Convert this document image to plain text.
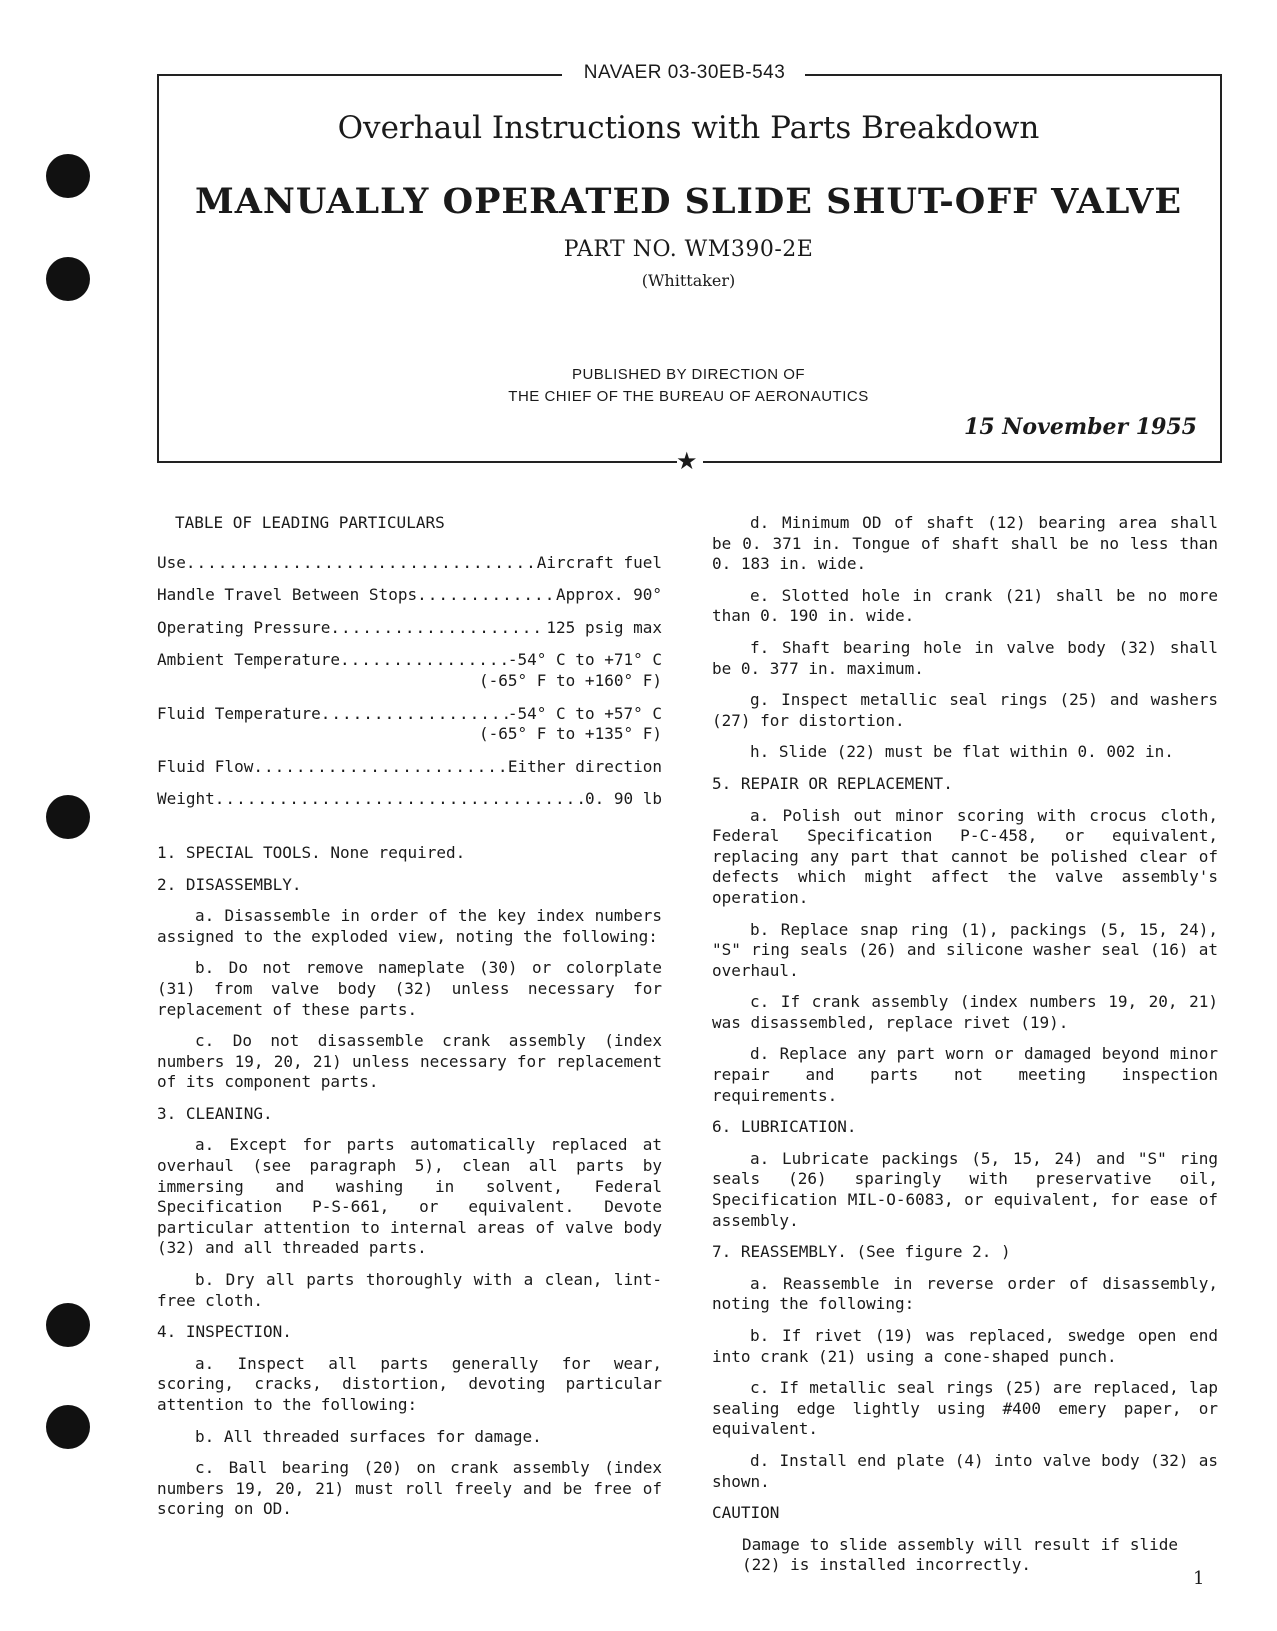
★
NAVAER 03-30EB-543
Overhaul Instructions with Parts Breakdown
MANUALLY OPERATED SLIDE SHUT-OFF VALVE
PART NO. WM390-2E
(Whittaker)
PUBLISHED BY DIRECTION OF
THE CHIEF OF THE BUREAU OF AERONAUTICS
15 November 1955

TABLE OF LEADING PARTICULARS

Use .....	Aircraft fuel
Handle Travel Between Stops .....	Approx. 90°
Operating Pressure .....	125 psig max
Ambient Temperature .....	-54° C to +71° C
(-65° F to +160° F)
Fluid Temperature .....	-54° C to +57° C
(-65° F to +135° F)
Fluid Flow .....	Either direction
Weight .....	0. 90 lb

1. SPECIAL TOOLS. None required.

2. DISASSEMBLY.

a. Disassemble in order of the key index numbers assigned to the exploded view, noting the following:

b. Do not remove nameplate (30) or colorplate (31) from valve body (32) unless necessary for replacement of these parts.

c. Do not disassemble crank assembly (index numbers 19, 20, 21) unless necessary for replacement of its component parts.

3. CLEANING.

a. Except for parts automatically replaced at overhaul (see paragraph 5), clean all parts by immersing and washing in solvent, Federal Specification P-S-661, or equivalent. Devote particular attention to internal areas of valve body (32) and all threaded parts.

b. Dry all parts thoroughly with a clean, lint-free cloth.

4. INSPECTION.

a. Inspect all parts generally for wear, scoring, cracks, distortion, devoting particular attention to the following:

b. All threaded surfaces for damage.

c. Ball bearing (20) on crank assembly (index numbers 19, 20, 21) must roll freely and be free of scoring on OD.

d. Minimum OD of shaft (12) bearing area shall be 0. 371 in. Tongue of shaft shall be no less than 0. 183 in. wide.

e. Slotted hole in crank (21) shall be no more than 0. 190 in. wide.

f. Shaft bearing hole in valve body (32) shall be 0. 377 in. maximum.

g. Inspect metallic seal rings (25) and washers (27) for distortion.

h. Slide (22) must be flat within 0. 002 in.

5. REPAIR OR REPLACEMENT.

a. Polish out minor scoring with crocus cloth, Federal Specification P-C-458, or equivalent, replacing any part that cannot be polished clear of defects which might affect the valve assembly's operation.

b. Replace snap ring (1), packings (5, 15, 24), "S" ring seals (26) and silicone washer seal (16) at overhaul.

c. If crank assembly (index numbers 19, 20, 21) was disassembled, replace rivet (19).

d. Replace any part worn or damaged beyond minor repair and parts not meeting inspection requirements.

6. LUBRICATION.

a. Lubricate packings (5, 15, 24) and "S" ring seals (26) sparingly with preservative oil, Specification MIL-O-6083, or equivalent, for ease of assembly.

7. REASSEMBLY. (See figure 2. )

a. Reassemble in reverse order of disassembly, noting the following:

b. If rivet (19) was replaced, swedge open end into crank (21) using a cone-shaped punch.

c. If metallic seal rings (25) are replaced, lap sealing edge lightly using #400 emery paper, or equivalent.

d. Install end plate (4) into valve body (32) as shown.

CAUTION

Damage to slide assembly will result if slide (22) is installed incorrectly.

1
